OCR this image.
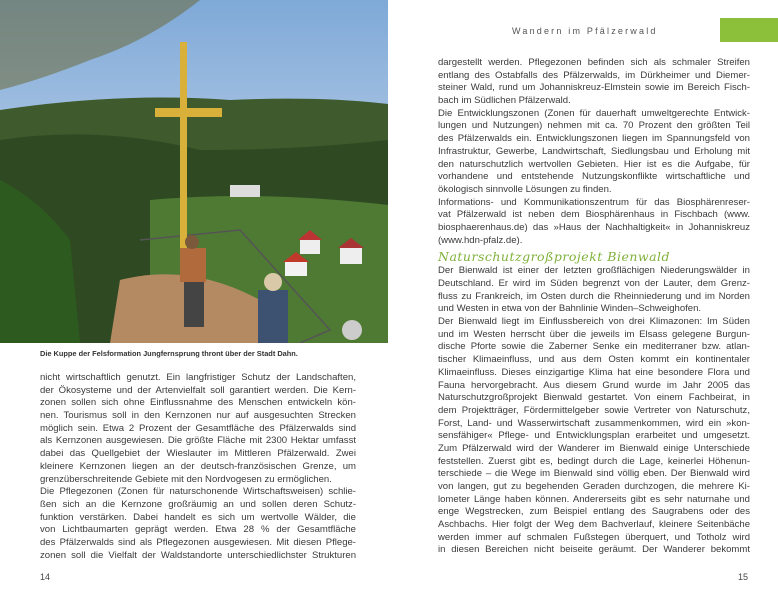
Die Kuppe der Felsformation Jungfernsprung thront über der Stadt Dahn.
Wandern im Pfälzerwald
nicht wirtschaftlich genutzt. Ein langfristiger Schutz der Landschaften,
der Ökosysteme und der Artenvielfalt soll garantiert werden. Die Kern-
zonen sollen sich ohne Einflussnahme des Menschen entwickeln kön-
nen. Tourismus soll in den Kernzonen nur auf ausgesuchten Strecken
möglich sein. Etwa 2 Prozent der Gesamtfläche des Pfälzerwalds sind
als Kernzonen ausgewiesen. Die größte Fläche mit 2300 Hektar umfasst
dabei das Quellgebiet der Wieslauter im Mittleren Pfälzerwald. Zwei
kleinere Kernzonen liegen an der deutsch-französischen Grenze, um
grenzüberschreitende Gebiete mit den Nordvogesen zu ermöglichen.
Die Pflegezonen (Zonen für naturschonende Wirtschaftsweisen) schlie-
ßen sich an die Kernzone großräumig an und sollen deren Schutz-
funktion verstärken. Dabei handelt es sich um wertvolle Wälder, die
von Lichtbaumarten geprägt werden. Etwa 28 % der Gesamtfläche
des Pfälzerwalds sind als Pflegezonen ausgewiesen. Mit diesen Pflege-
zonen soll die Vielfalt der Waldstandorte unterschiedlichster Strukturen
dargestellt werden. Pflegezonen befinden sich als schmaler Streifen
entlang des Ostabfalls des Pfälzerwalds, im Dürkheimer und Diemer-
steiner Wald, rund um Johanniskreuz-Elmstein sowie im Bereich Fisch-
bach im Südlichen Pfälzerwald.
Die Entwicklungszonen (Zonen für dauerhaft umweltgerechte Entwick-
lungen und Nutzungen) nehmen mit ca. 70 Prozent den größten Teil
des Pfälzerwalds ein. Entwicklungszonen liegen im Spannungsfeld von
Infrastruktur, Gewerbe, Landwirtschaft, Siedlungsbau und Erholung mit
den naturschutzlich wertvollen Gebieten. Hier ist es die Aufgabe, für
vorhandene und entstehende Nutzungskonflikte wirtschaftliche und
ökologisch sinnvolle Lösungen zu finden.
Informations- und Kommunikationszentrum für das Biosphärenreser-
vat Pfälzerwald ist neben dem Biosphärenhaus in Fischbach (www.
biosphaerenhaus.de) das »Haus der Nachhaltigkeit« in Johanniskreuz
(www.hdn-pfalz.de).
Naturschutzgroßprojekt Bienwald
Der Bienwald ist einer der letzten großflächigen Niederungswälder in
Deutschland. Er wird im Süden begrenzt von der Lauter, dem Grenz-
fluss zu Frankreich, im Osten durch die Rheinniederung und im Norden
und Westen in etwa von der Bahnlinie Winden–Schweighofen.
Der Bienwald liegt im Einflussbereich von drei Klimazonen: Im Süden
und im Westen herrscht über die jeweils im Elsass gelegene Burgun-
dische Pforte sowie die Zaberner Senke ein mediterraner bzw. atlan-
tischer Klimaeinfluss, und aus dem Osten kommt ein kontinentaler
Klimaeinfluss. Dieses einzigartige Klima hat eine besondere Flora und
Fauna hervorgebracht. Aus diesem Grund wurde im Jahr 2005 das
Naturschutzgroßprojekt Bienwald gestartet. Von einem Fachbeirat, in
dem Projektträger, Fördermittelgeber sowie Vertreter von Naturschutz,
Forst, Land- und Wasserwirtschaft zusammenkommen, wird ein »kon-
sensfähiger« Pflege- und Entwicklungsplan erarbeitet und umgesetzt.
Zum Pfälzerwald wird der Wanderer im Bienwald einige Unterschiede
feststellen. Zuerst gibt es, bedingt durch die Lage, keinerlei Höhenun-
terschiede – die Wege im Bienwald sind völlig eben. Der Bienwald wird
von langen, gut zu begehenden Geraden durchzogen, die mehrere Ki-
lometer Länge haben können. Andererseits gibt es sehr naturnahe und
enge Wegstrecken, zum Beispiel entlang des Saugrabens oder des
Aschbachs. Hier folgt der Weg dem Bachverlauf, kleinere Seitenbäche
werden immer auf schmalen Fußstegen überquert, und Totholz wird
in diesen Bereichen nicht beiseite geräumt. Der Wanderer bekommt
14	15
